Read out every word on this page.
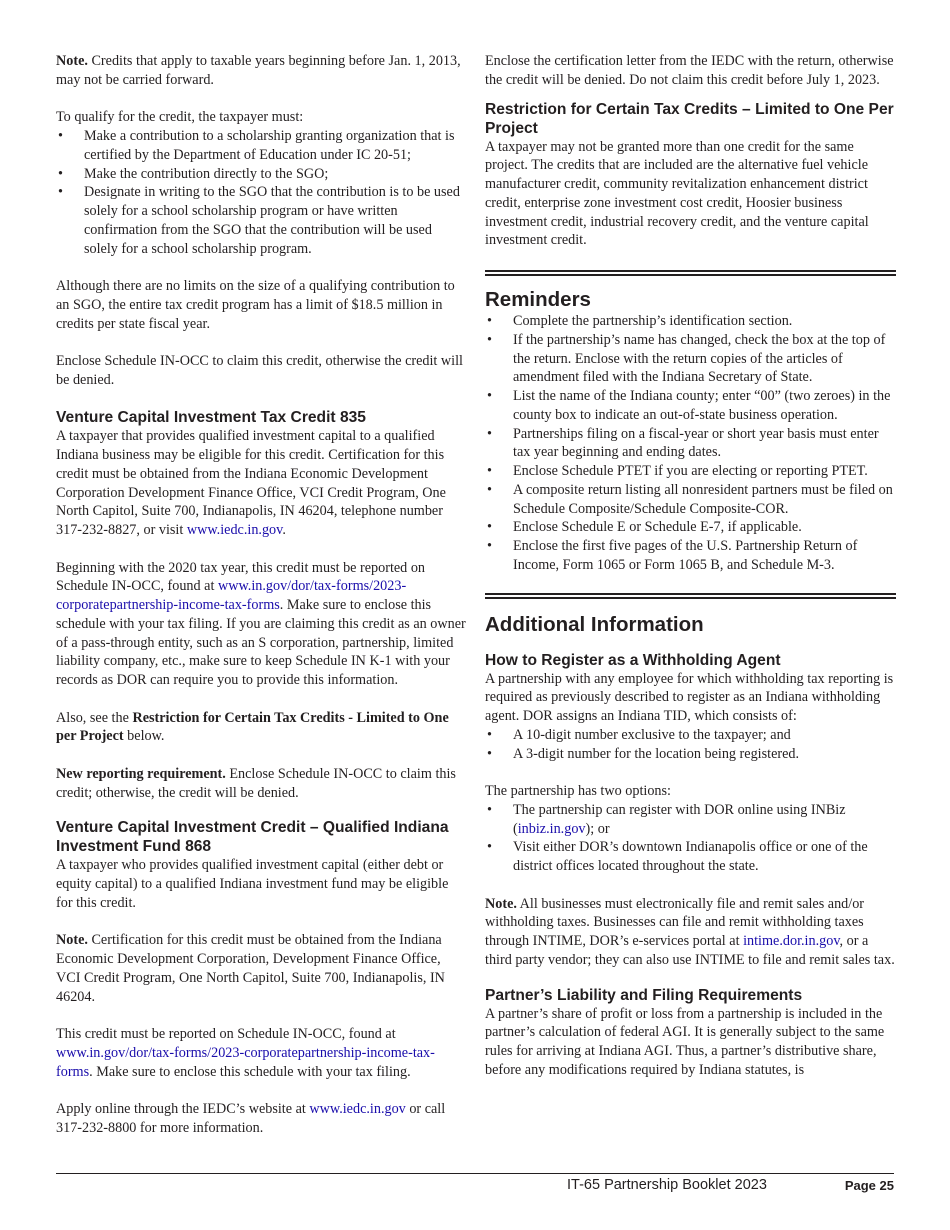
Note. Credits that apply to taxable years beginning before Jan. 1, 2013, may not be carried forward.

To qualify for the credit, the taxpayer must:

• Make a contribution to a scholarship granting organization that is certified by the Department of Education under IC 20-51;
• Make the contribution directly to the SGO;
• Designate in writing to the SGO that the contribution is to be used solely for a school scholarship program or have written confirmation from the SGO that the contribution will be used solely for a school scholarship program.

Although there are no limits on the size of a qualifying contribution to an SGO, the entire tax credit program has a limit of $18.5 million in credits per state fiscal year.

Enclose Schedule IN-OCC to claim this credit, otherwise the credit will be denied.

Venture Capital Investment Tax Credit 835

A taxpayer that provides qualified investment capital to a qualified Indiana business may be eligible for this credit. Certification for this credit must be obtained from the Indiana Economic Development Corporation Development Finance Office, VCI Credit Program, One North Capitol, Suite 700, Indianapolis, IN 46204, telephone number 317-232-8827, or visit www.iedc.in.gov.

Beginning with the 2020 tax year, this credit must be reported on Schedule IN-OCC, found at www.in.gov/dor/tax-forms/2023-corporatepartnership-income-tax-forms. Make sure to enclose this schedule with your tax filing. If you are claiming this credit as an owner of a pass-through entity, such as an S corporation, partnership, limited liability company, etc., make sure to keep Schedule IN K-1 with your records as DOR can require you to provide this information.

Also, see the Restriction for Certain Tax Credits - Limited to One per Project below.

New reporting requirement. Enclose Schedule IN-OCC to claim this credit; otherwise, the credit will be denied.

Venture Capital Investment Credit – Qualified Indiana Investment Fund 868

A taxpayer who provides qualified investment capital (either debt or equity capital) to a qualified Indiana investment fund may be eligible for this credit.

Note. Certification for this credit must be obtained from the Indiana Economic Development Corporation, Development Finance Office, VCI Credit Program, One North Capitol, Suite 700, Indianapolis, IN 46204.

This credit must be reported on Schedule IN-OCC, found at www.in.gov/dor/tax-forms/2023-corporatepartnership-income-tax-forms. Make sure to enclose this schedule with your tax filing.

Apply online through the IEDC’s website at www.iedc.in.gov or call 317-232-8800 for more information.

Enclose the certification letter from the IEDC with the return, otherwise the credit will be denied. Do not claim this credit before July 1, 2023.

Restriction for Certain Tax Credits – Limited to One Per Project

A taxpayer may not be granted more than one credit for the same project. The credits that are included are the alternative fuel vehicle manufacturer credit, community revitalization enhancement district credit, enterprise zone investment cost credit, Hoosier business investment credit, industrial recovery credit, and the venture capital investment credit.

Reminders
• Complete the partnership’s identification section.
• If the partnership’s name has changed, check the box at the top of the return. Enclose with the return copies of the articles of amendment filed with the Indiana Secretary of State.
• List the name of the Indiana county; enter “00” (two zeroes) in the county box to indicate an out-of-state business operation.
• Partnerships filing on a fiscal-year or short year basis must enter tax year beginning and ending dates.
• Enclose Schedule PTET if you are electing or reporting PTET.
• A composite return listing all nonresident partners must be filed on Schedule Composite/Schedule Composite-COR.
• Enclose Schedule E or Schedule E-7, if applicable.
• Enclose the first five pages of the U.S. Partnership Return of Income, Form 1065 or Form 1065 B, and Schedule M-3.
Additional Information
How to Register as a Withholding Agent

A partnership with any employee for which withholding tax reporting is required as previously described to register as an Indiana withholding agent. DOR assigns an Indiana TID, which consists of:

• A 10-digit number exclusive to the taxpayer; and
• A 3-digit number for the location being registered.

The partnership has two options:

• The partnership can register with DOR online using INBiz (inbiz.in.gov); or
• Visit either DOR’s downtown Indianapolis office or one of the district offices located throughout the state.

Note. All businesses must electronically file and remit sales and/or withholding taxes. Businesses can file and remit withholding taxes through INTIME, DOR’s e-services portal at intime.dor.in.gov, or a third party vendor; they can also use INTIME to file and remit sales tax.

Partner’s Liability and Filing Requirements

A partner’s share of profit or loss from a partnership is included in the partner’s calculation of federal AGI. It is generally subject to the same rules for arriving at Indiana AGI. Thus, a partner’s distributive share, before any modifications required by Indiana statutes, is

IT-65 Partnership Booklet 2023	Page 25
